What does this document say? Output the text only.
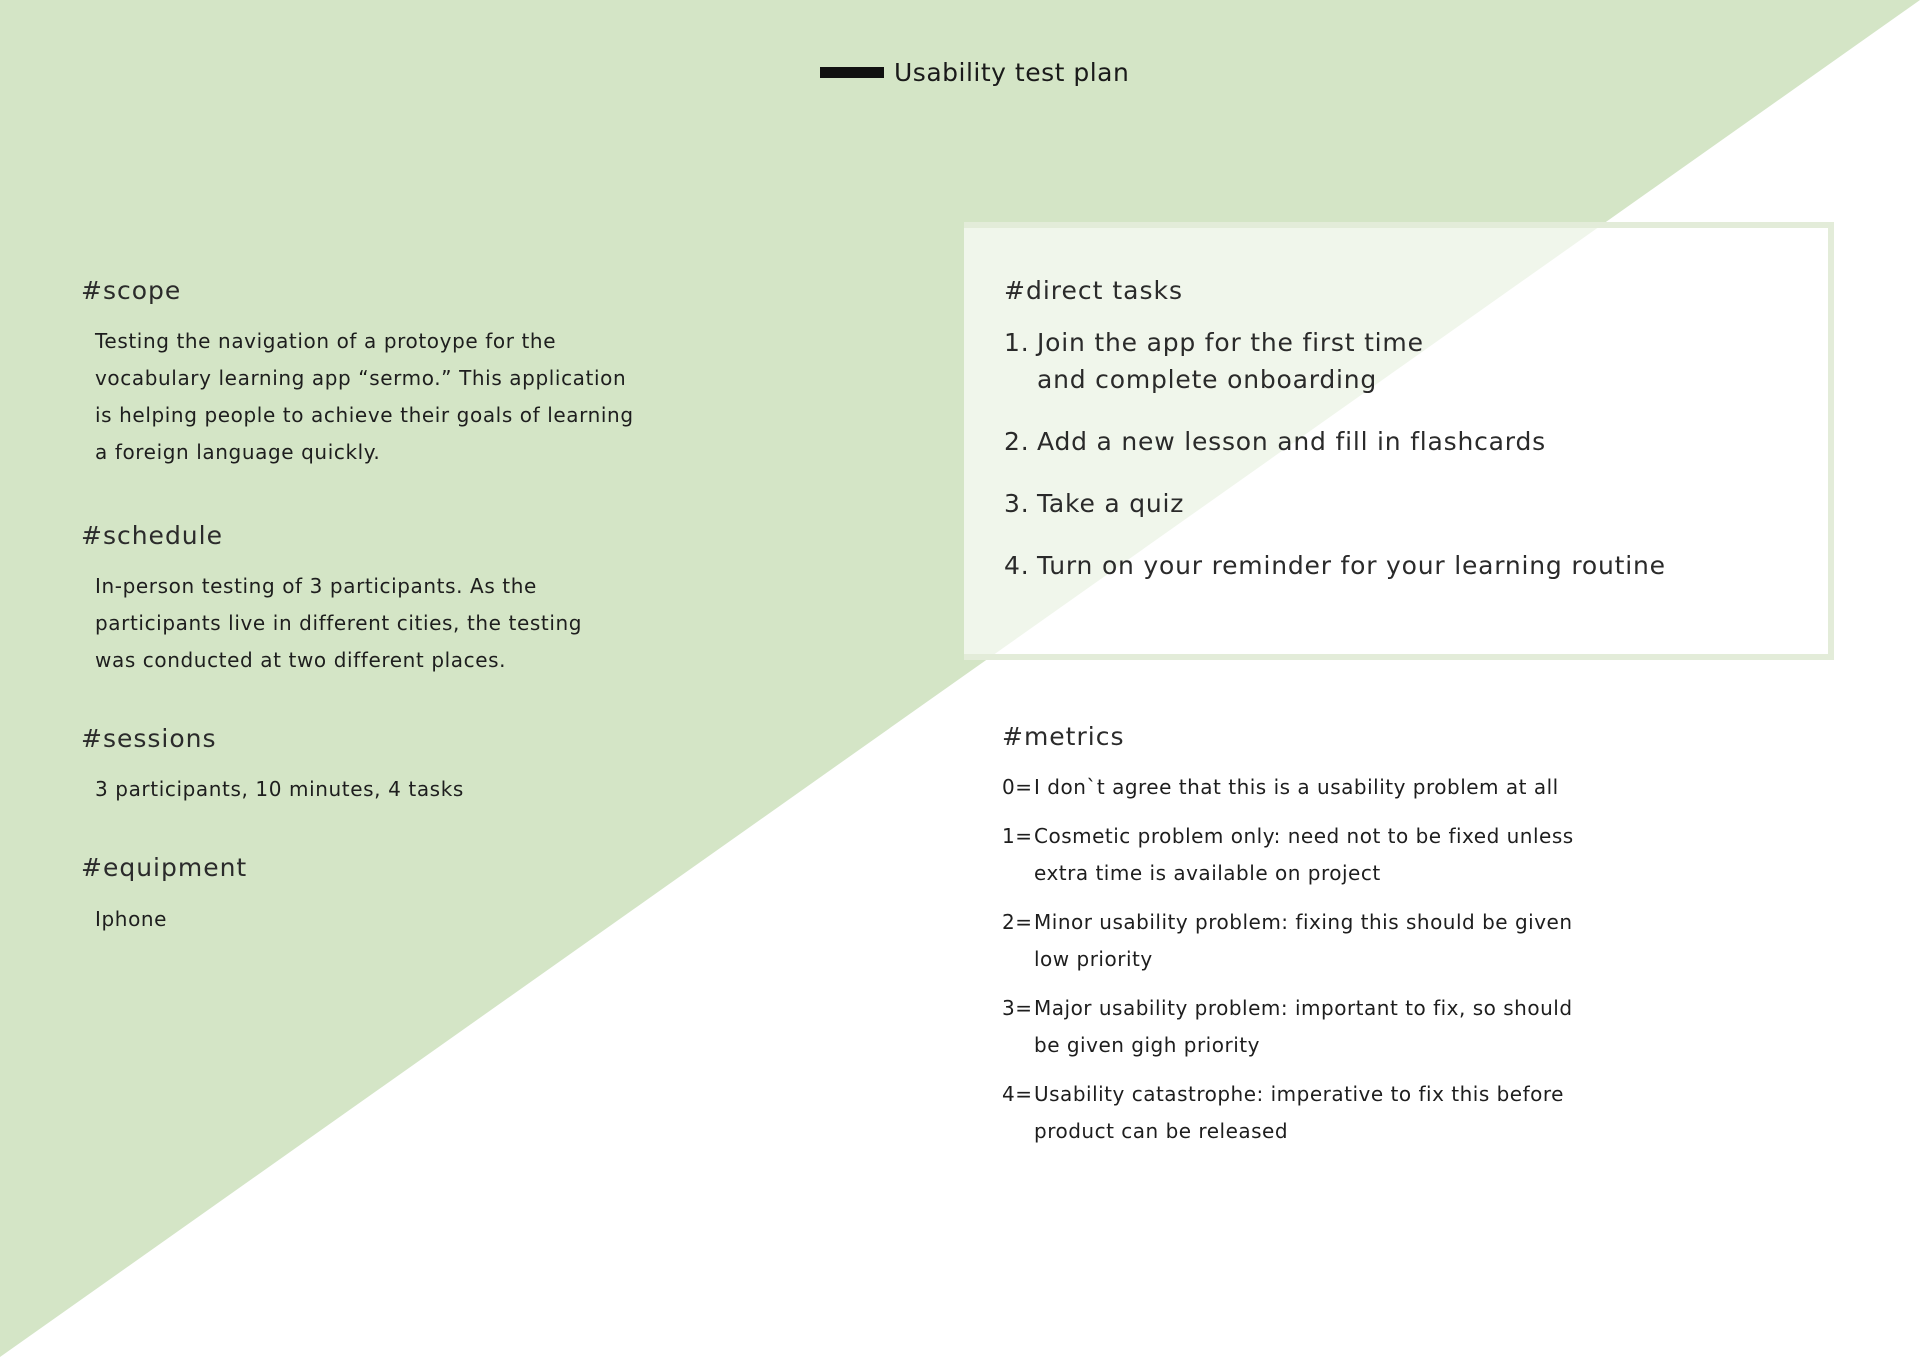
Usability test plan
#scope
Testing the navigation of a protoype for the
vocabulary learning app “sermo.” This application
is helping people to achieve their goals of learning
a foreign language quickly.
#schedule
In-person testing of 3 participants. As the
participants live in different cities, the testing
was conducted at two different places.
#sessions
3 participants, 10 minutes, 4 tasks
#equipment
Iphone
#direct tasks
1. Join the app for the first time
and complete onboarding
2. Add a new lesson and fill in flashcards
3. Take a quiz
4. Turn on your reminder for your learning routine
#metrics
0= I don`t agree that this is a usability problem at all
1= Cosmetic problem only: need not to be fixed unless
extra time is available on project
2= Minor usability problem: fixing this should be given
low priority
3= Major usability problem: important to fix, so should
be given gigh priority
4= Usability catastrophe: imperative to fix this before
product can be released
